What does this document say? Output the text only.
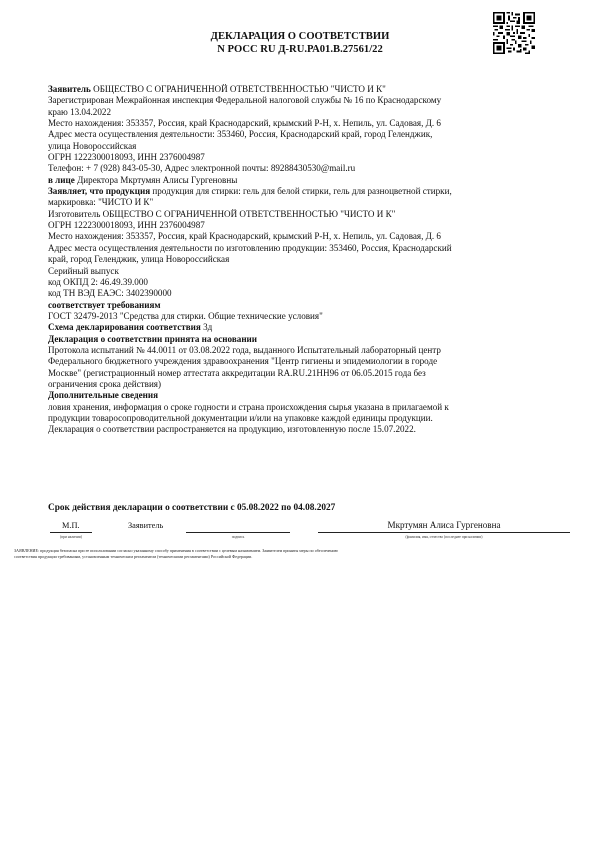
ДЕКЛАРАЦИЯ О СООТВЕТСТВИИ
N РОСС RU Д-RU.РА01.В.27561/22
Заявитель ОБЩЕСТВО С ОГРАНИЧЕННОЙ ОТВЕТСТВЕННОСТЬЮ "ЧИСТО И К"
Зарегистрирован Межрайонная инспекция Федеральной налоговой службы № 16 по Краснодарскому
краю 13.04.2022
Место нахождения: 353357, Россия, край Краснодарский, крымский Р-Н, х. Непиль, ул. Садовая, Д. 6
Адрес места осуществления деятельности: 353460, Россия, Краснодарский край, город Геленджик,
улица Новороссийская
ОГРН 1222300018093, ИНН 2376004987
Телефон: + 7 (928) 843-05-30, Адрес электронной почты: 89288430530@mail.ru
в лице Директора Мкртумян Алисы Гургеновны
Заявляет, что продукция продукция для стирки: гель для белой стирки, гель для разноцветной стирки,
маркировка: "ЧИСТО И К"
Изготовитель ОБЩЕСТВО С ОГРАНИЧЕННОЙ ОТВЕТСТВЕННОСТЬЮ "ЧИСТО И К"
ОГРН 1222300018093, ИНН 2376004987
Место нахождения: 353357, Россия, край Краснодарский, крымский Р-Н, х. Непиль, ул. Садовая, Д. 6
Адрес места осуществления деятельности по изготовлению продукции: 353460, Россия, Краснодарский
край, город Геленджик, улица Новороссийская
Серийный выпуск
код ОКПД 2: 46.49.39.000
код ТН ВЭД ЕАЭС: 3402390000
соответствует требованиям
ГОСТ 32479-2013 "Средства для стирки. Общие технические условия"
Схема декларирования соответствия 3д
Декларация о соответствии принята на основании
Протокола испытаний № 44.0011 от 03.08.2022 года, выданного Испытательный лабораторный центр
Федерального бюджетного учреждения здравоохранения "Центр гигиены и эпидемиологии в городе
Москве" (регистрационный номер аттестата аккредитации RA.RU.21НН96 от 06.05.2015 года без
ограничения срока действия)
Дополнительные сведения
ловия хранения, информация о сроке годности и страна происхождения сырья указана в прилагаемой к
продукции товаросопроводительной документации и/или на упаковке каждой единицы продукции.
Декларация о соответствии распространяется на продукцию, изготовленную после 15.07.2022.
Срок действия декларации о соответствии с 05.08.2022 по 04.08.2027
М.П.
(при наличии)
Заявитель
подпись
Мкртумян Алиса Гургеновна
(фамилия, имя, отчество (последнее при наличии)
ЗАЯВЛЕНИЕ: продукция безопасна при ее использовании согласно указанному способу применения в соответствии с целевым назначением. Заявителем приняты меры по обеспечению
соответствия продукции требованиям, установленным техническим регламентом (техническими регламентами) Российской Федерации.
